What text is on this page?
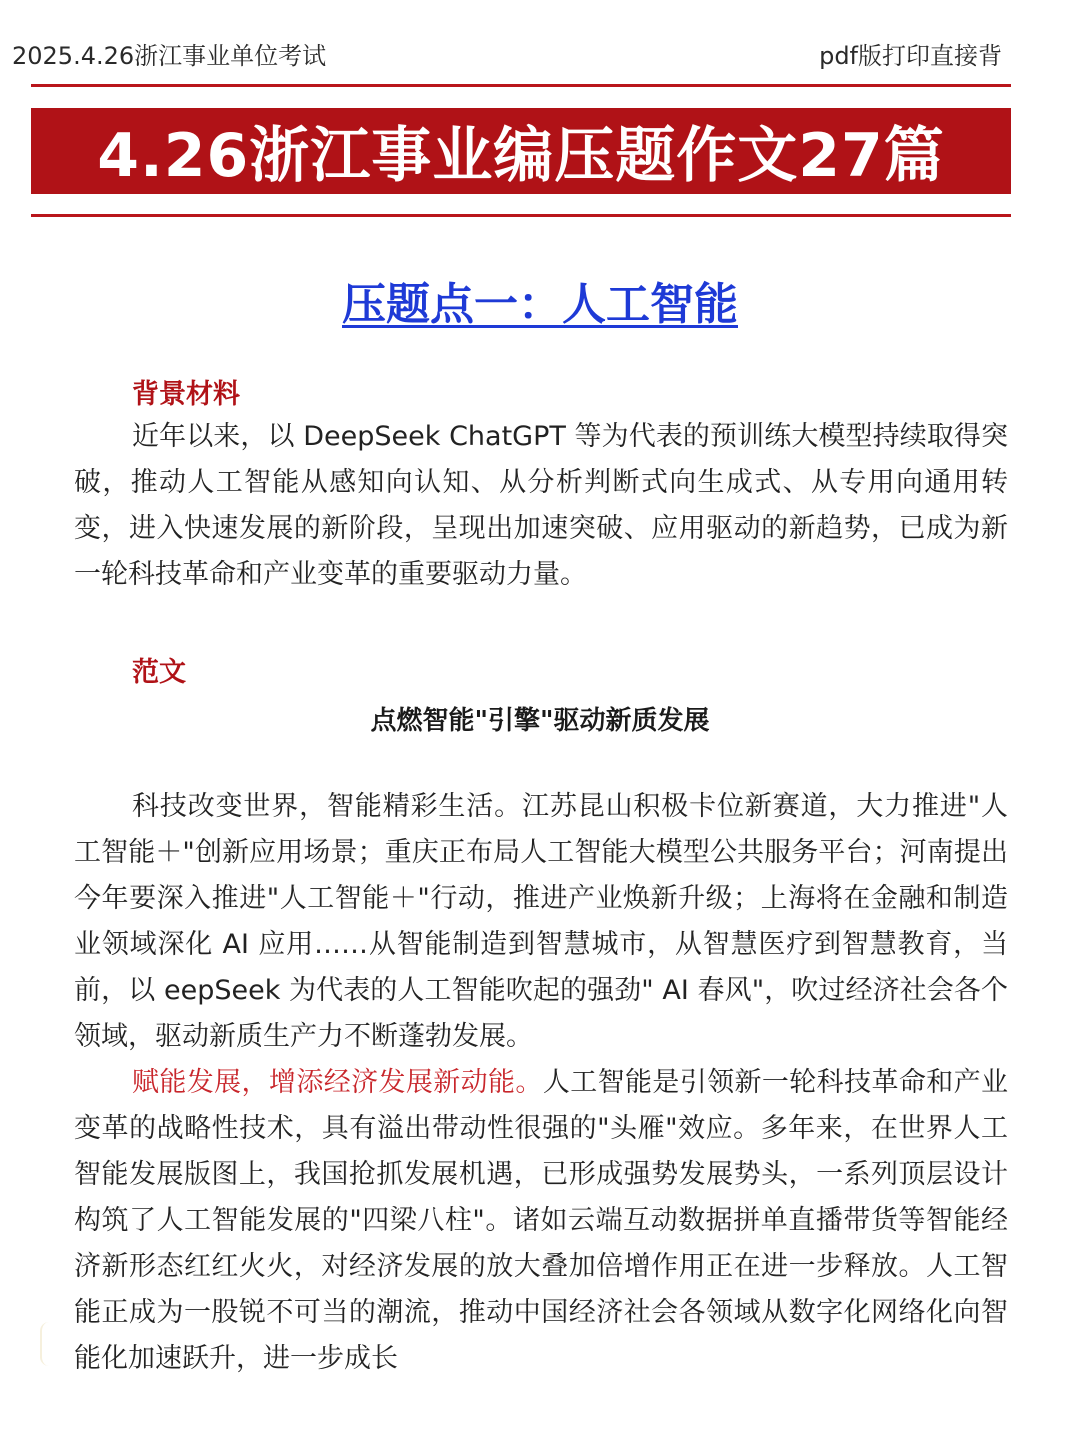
2025.4.26浙江事业单位考试	pdf版打印直接背
4.26浙江事业编压题作文27篇
压题点一：人工智能
背景材料

近年以来，以 DeepSeek ChatGPT 等为代表的预训练大模型持续取得突破，推动人工智能从感知向认知、从分析判断式向生成式、从专用向通用转变，进入快速发展的新阶段，呈现出加速突破、应用驱动的新趋势，已成为新一轮科技革命和产业变革的重要驱动力量。

范文
点燃智能"引擎"驱动新质发展

科技改变世界，智能精彩生活。江苏昆山积极卡位新赛道，大力推进"人工智能＋"创新应用场景；重庆正布局人工智能大模型公共服务平台；河南提出今年要深入推进"人工智能＋"行动，推进产业焕新升级；上海将在金融和制造业领域深化 AI 应用……从智能制造到智慧城市，从智慧医疗到智慧教育，当前，以 eepSeek 为代表的人工智能吹起的强劲" AI 春风"，吹过经济社会各个领域，驱动新质生产力不断蓬勃发展。

赋能发展，增添经济发展新动能。人工智能是引领新一轮科技革命和产业变革的战略性技术，具有溢出带动性很强的"头雁"效应。多年来，在世界人工智能发展版图上，我国抢抓发展机遇，已形成强势发展势头，一系列顶层设计构筑了人工智能发展的"四梁八柱"。诸如云端互动数据拼单直播带货等智能经济新形态红红火火，对经济发展的放大叠加倍增作用正在进一步释放。人工智能正成为一股锐不可当的潮流，推动中国经济社会各领域从数字化网络化向智能化加速跃升，进一步成长
